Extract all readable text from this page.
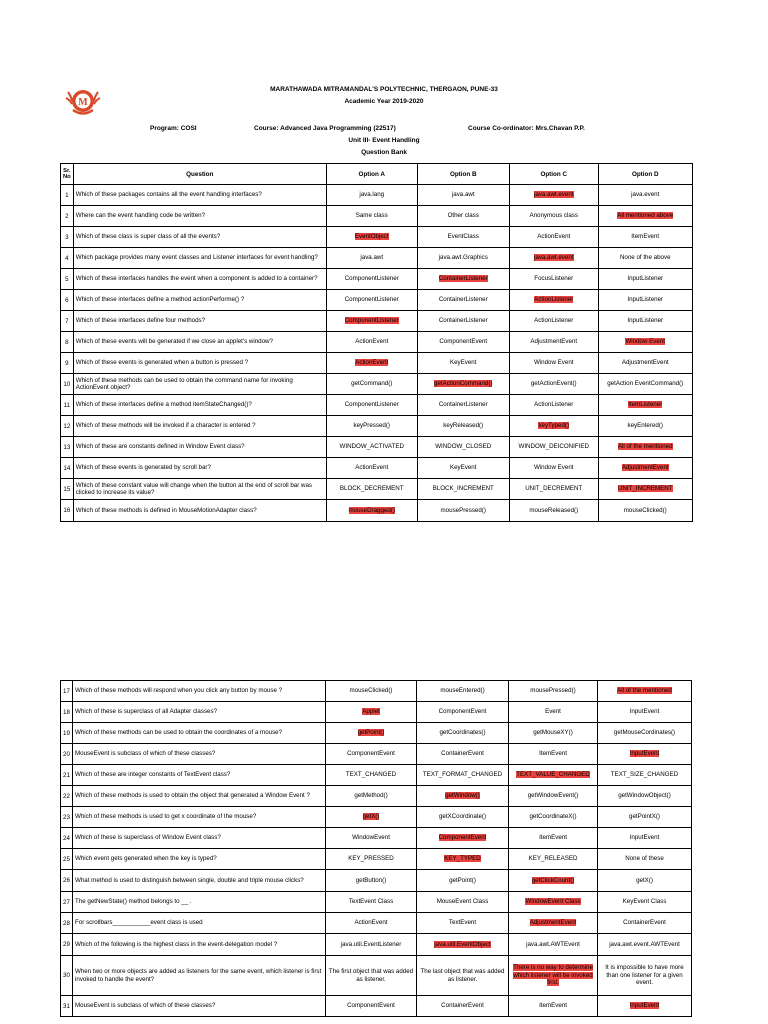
M
MARATHAWADA MITRAMANDAL'S POLYTECHNIC, THERGAON, PUNE-33
Academic Year 2019-2020
Program: COSI	Course: Advanced Java Programming (22517)	Course Co-ordinator: Mrs.Chavan P.P.
Unit III- Event Handling
Question Bank
Sr. No	Question	Option A	Option B	Option C	Option D
1	Which of these packages contains all the event handling interfaces?	java.lang	java.awt	java.awt.event	java.event
2	Where can the event handling code be written?	Same class	Other class	Anonymous class	All mentioned above
3	Which of these class is super class of all the events?	EventObject	EventClass	ActionEvent	ItemEvent
4	Which package provides many event classes and Listener interfaces for event handling?	java.awt	java.awt.Graphics	java.awt.event	None of the above
5	Which of these interfaces handles the event when a component is added to a container?	ComponentListener	ContainerListener	FocusListener	InputListener
6	Which of these interfaces define a method actionPerforme() ?	ComponentListener	ContainerListener	ActionListener	InputListener
7	Which of these interfaces define four methods?	ComponentListener	ContainerListener	ActionListener	InputListener
8	Which of these events will be generated if we close an applet's window?	ActionEvent	ComponentEvent	AdjustmentEvent	Window Event
9	Which of these events is generated when a button is pressed ?	ActionEvent	KeyEvent	Window Event	AdjustmentEvent
10	Which of these methods can be used to obtain the command name for invoking ActionEvent object?	getCommand()	getActionCommand()	getActionEvent()	getAction EventCommand()
11	Which of these interfaces define a method itemStateChanged()?	ComponentListener	ContainerListener	ActionListener	ItemListener
12	Which of these methods will be invoked if a character is entered ?	keyPressed()	keyReleased()	keyTyped()	keyEntered()
13	Which of these are constants defined in Window Event class?	WINDOW_ACTIVATED	WINDOW_CLOSED	WINDOW_DEICONIFIED	All of the mentioned
14	Which of these events is generated by scroll bar?	ActionEvent	KeyEvent	Window Event	AdjustmentEvent
15	Which of these constant value will change when the button at the end of scroll bar was clicked to increase its value?	BLOCK_DECREMENT	BLOCK_INCREMENT	UNIT_DECREMENT	UNIT_INCREMENT
16	Which of these methods is defined in MouseMotionAdapter class?	mouseDragged()	mousePressed()	mouseReleased()	mouseClicked()
17	Which of these methods will respond when you click any button by mouse ?	mouseClicked()	mouseEntered()	mousePressed()	All of the mentioned
18	Which of these is superclass of all Adapter classes?	Applet	ComponentEvent	Event	InputEvent
19	Which of these methods can be used to obtain the coordinates of a mouse?	getPoint()	getCoordinates()	getMouseXY()	getMouseCordinates()
20	MouseEvent is subclass of which of these classes?	ComponentEvent	ContainerEvent	ItemEvent	InputEvent
21	Which of these are integer constants of TextEvent class?	TEXT_CHANGED	TEXT_FORMAT_CHANGED	TEXT_VALUE_CHANGED	TEXT_SIZE_CHANGED
22	Which of these methods is used to obtain the object that generated a Window Event ?	getMethod()	getWindow()	getWindowEvent()	getWindowObject()
23	Which of these methods is used to get x coordinate of the mouse?	getX()	getXCoordinate()	getCoordinateX()	getPointX()
24	Which of these is superclass of Window Event class?	WindowEvent	ComponentEvent	ItemEvent	InputEvent
25	Which event gets generated when the key is typed?	KEY_PRESSED	KEY_TYPED	KEY_RELEASED	None of these
26	What method is used to distinguish between single, double and triple mouse clicks?	getButton()	getPoint()	getClickCount()	getX()
27	The getNewState() method belongs to __ .	TextEvent Class	MouseEvent Class	WindowEvent Class	KeyEvent Class
28	For scrollbars___________event class is used	ActionEvent	TextEvent	AdjustmentEvent	ContainerEvent
29	Which of the following is the highest class in the event-delegation model ?	java.util.EventListener	java.util.EventObject	java.awt.AWTEvent	java.awt.event.AWTEvent
30	When two or more objects are added as listeners for the same event, which listener is first invoked to handle the event?	The first object that was added as listener.	The last object that was added as listener.	There is no way to determine which listener will be invoked first.	It is impossible to have more than one listener for a given event.
31	MouseEvent is subclass of which of these classes?	ComponentEvent	ContainerEvent	ItemEvent	InputEvent
